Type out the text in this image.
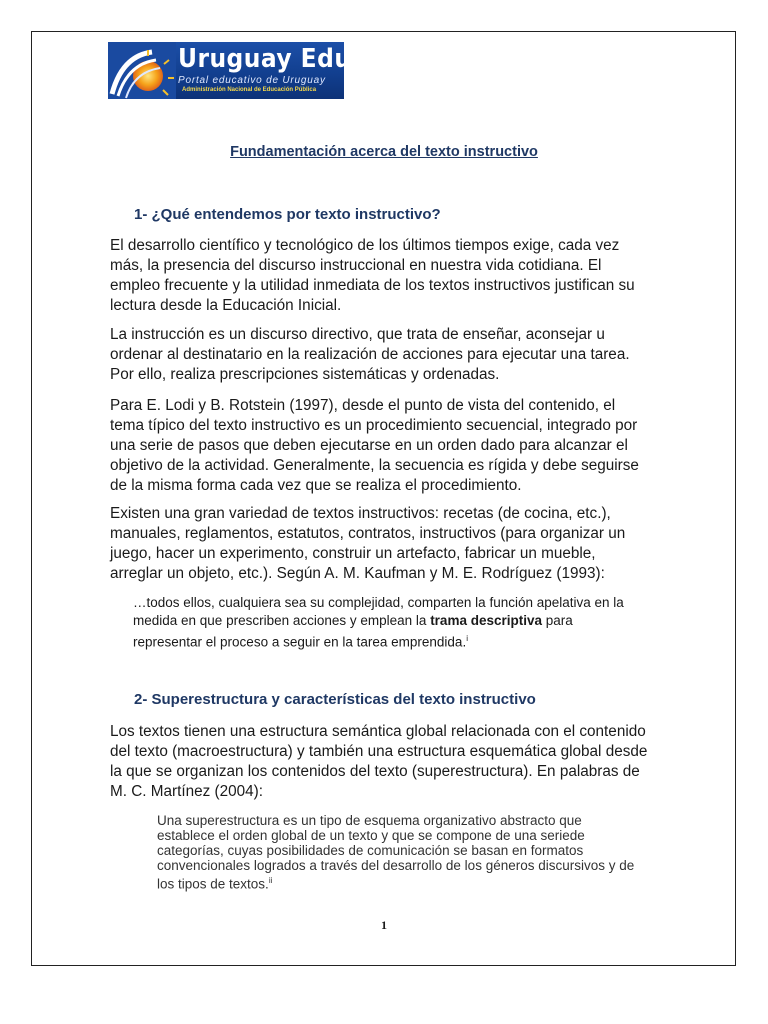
Uruguay Educa
Portal educativo de Uruguay
Administración Nacional de Educación Pública
Fundamentación acerca del texto instructivo
1- ¿Qué entendemos por texto instructivo?
El desarrollo científico y tecnológico de los últimos tiempos exige, cada vez
más, la presencia del discurso instruccional en nuestra vida cotidiana. El
empleo frecuente y la utilidad inmediata de los textos instructivos justifican su
lectura desde la Educación Inicial.
La instrucción es un discurso directivo, que trata de enseñar, aconsejar u
ordenar al destinatario en la realización de acciones para ejecutar una tarea.
Por ello, realiza prescripciones sistemáticas y ordenadas.
Para E. Lodi y B. Rotstein (1997), desde el punto de vista del contenido, el
tema típico del texto instructivo es un procedimiento secuencial, integrado por
una serie de pasos que deben ejecutarse en un orden dado para alcanzar el
objetivo de la actividad. Generalmente, la secuencia es rígida y debe seguirse
de la misma forma cada vez que se realiza el procedimiento.
Existen una gran variedad de textos instructivos: recetas (de cocina, etc.),
manuales, reglamentos, estatutos, contratos, instructivos (para organizar un
juego, hacer un experimento, construir un artefacto, fabricar un mueble,
arreglar un objeto, etc.). Según A. M. Kaufman y M. E. Rodríguez (1993):
…todos ellos, cualquiera sea su complejidad, comparten la función apelativa en la
medida en que prescriben acciones y emplean la trama descriptiva para
representar el proceso a seguir en la tarea emprendida.$^i$
2- Superestructura y características del texto instructivo
Los textos tienen una estructura semántica global relacionada con el contenido
del texto (macroestructura) y también una estructura esquemática global desde
la que se organizan los contenidos del texto (superestructura). En palabras de
M. C. Martínez (2004):
Una superestructura es un tipo de esquema organizativo abstracto que
establece el orden global de un texto y que se compone de una seriede
categorías, cuyas posibilidades de comunicación se basan en formatos
convencionales logrados a través del desarrollo de los géneros discursivos y de
los tipos de textos.$^{ii}$
1
